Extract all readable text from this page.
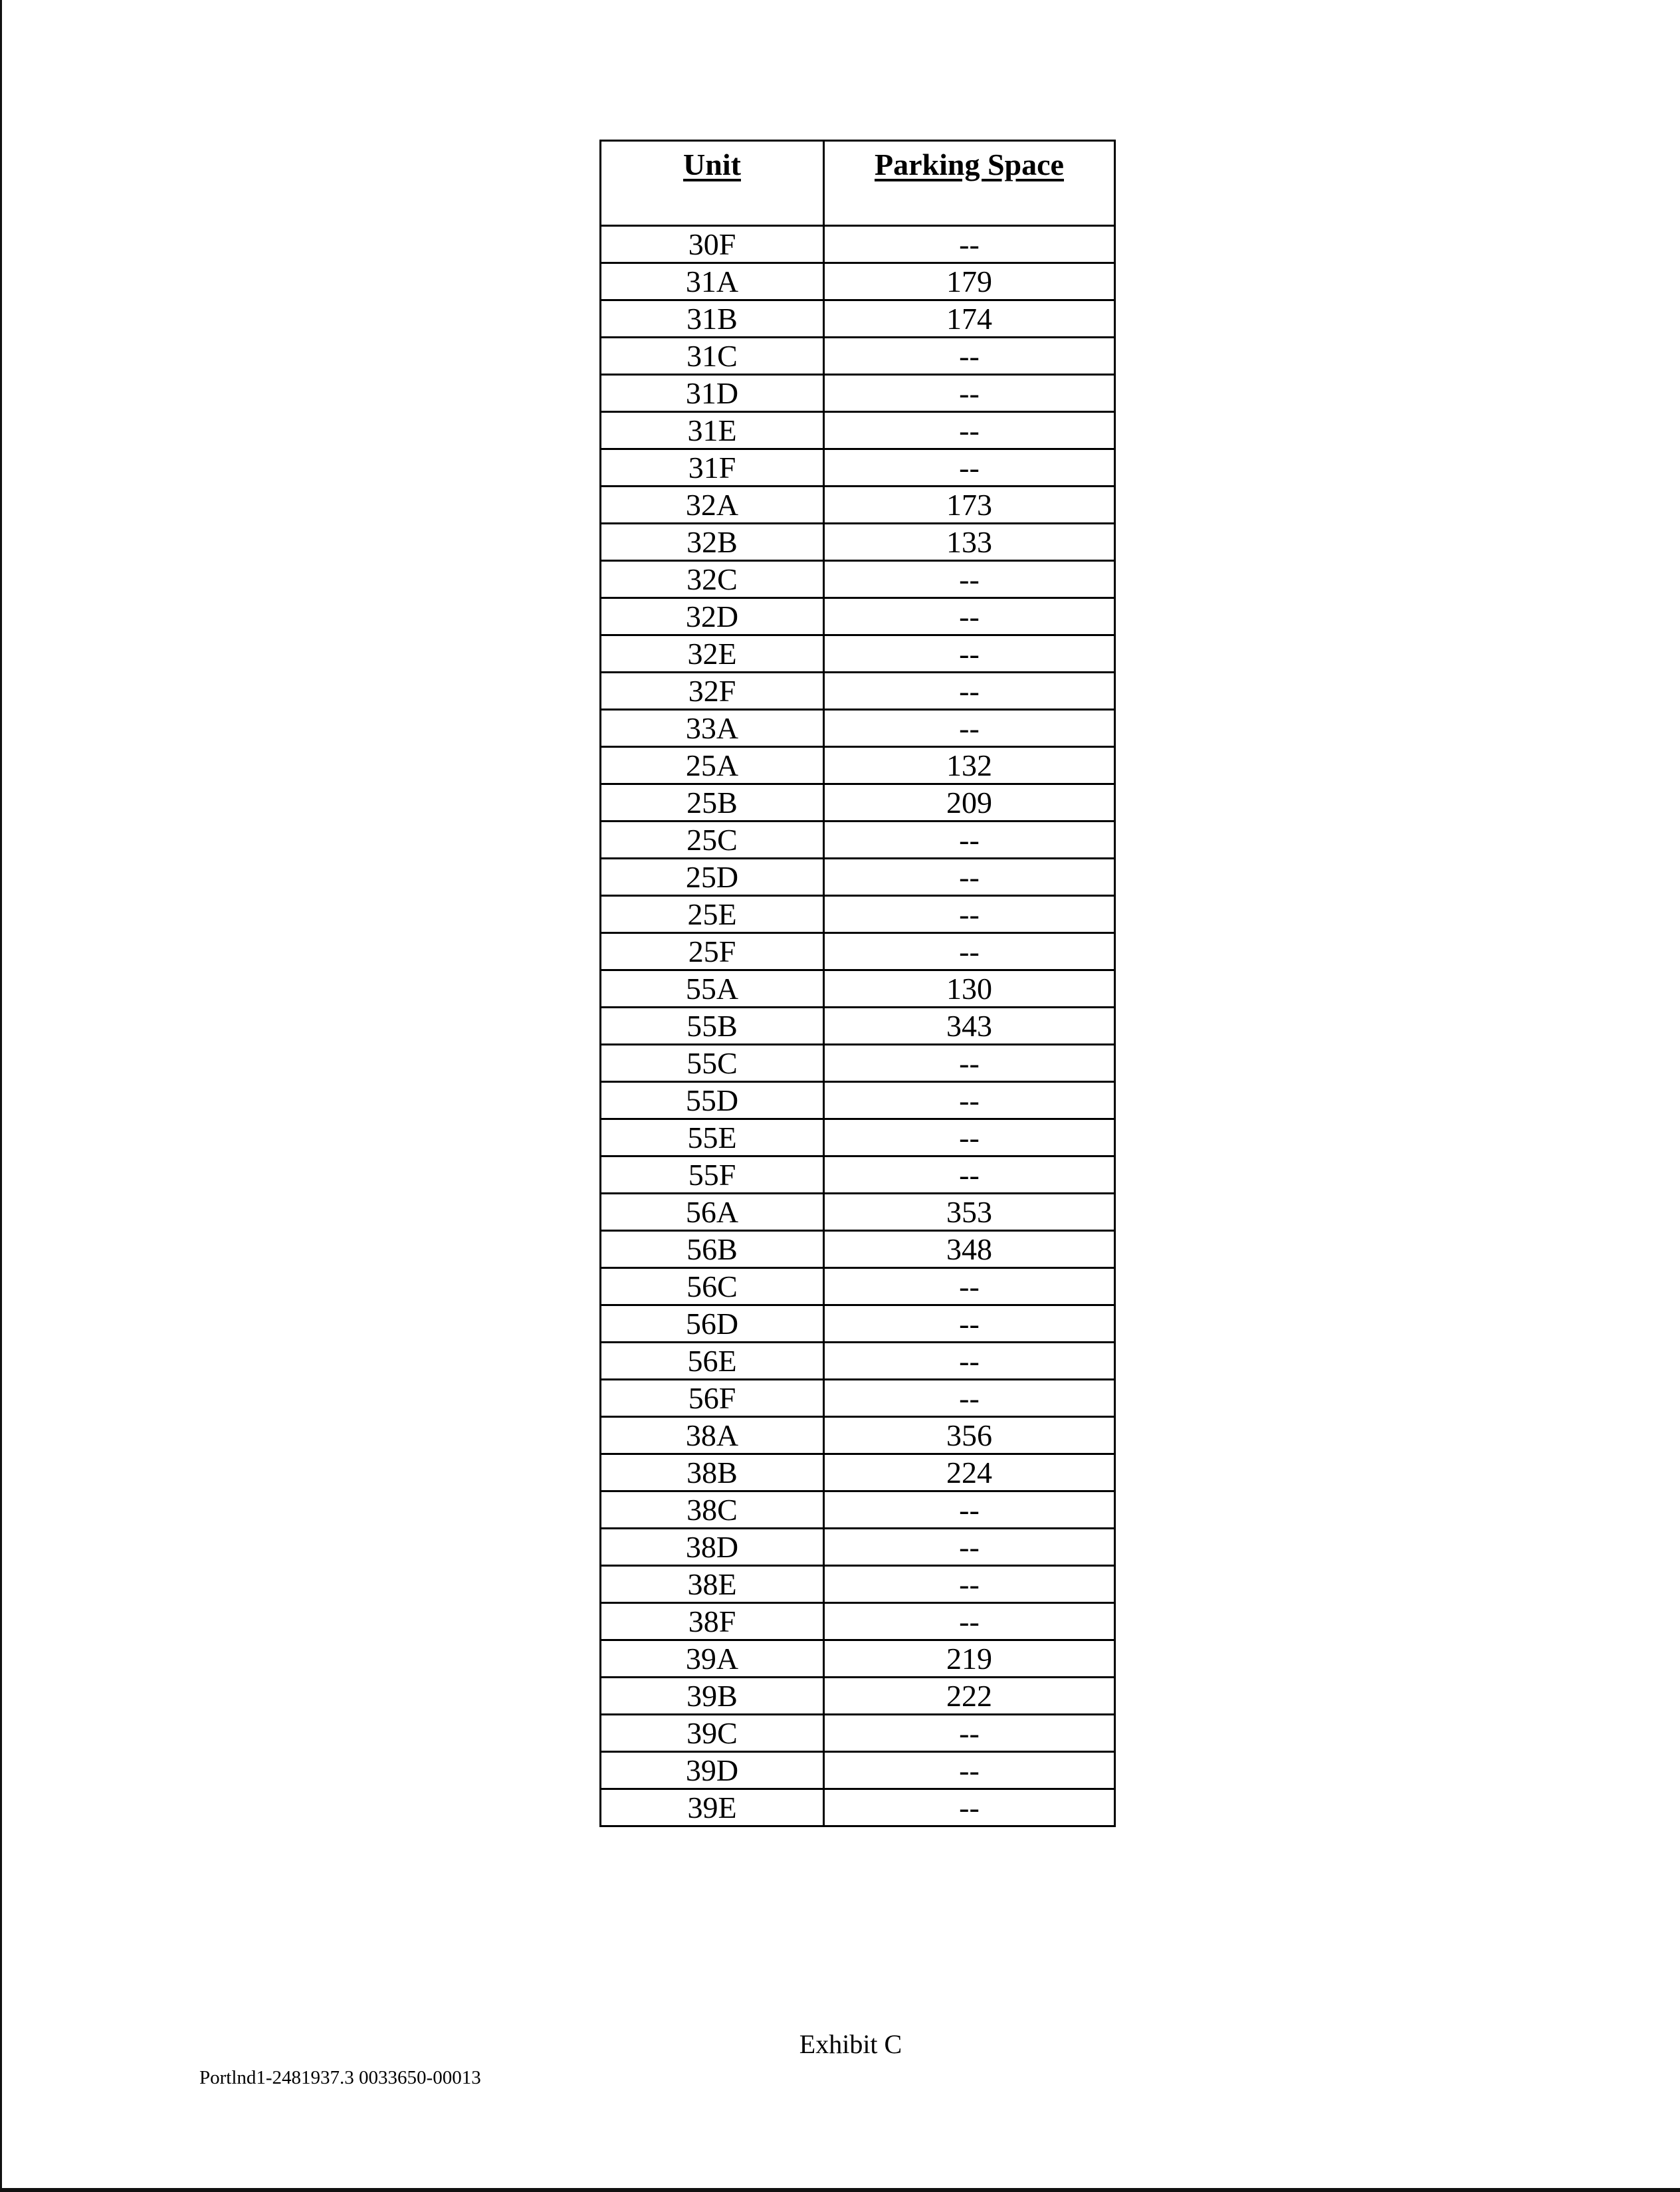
Unit	Parking Space
30F	--
31A	179
31B	174
31C	--
31D	--
31E	--
31F	--
32A	173
32B	133
32C	--
32D	--
32E	--
32F	--
33A	--
25A	132
25B	209
25C	--
25D	--
25E	--
25F	--
55A	130
55B	343
55C	--
55D	--
55E	--
55F	--
56A	353
56B	348
56C	--
56D	--
56E	--
56F	--
38A	356
38B	224
38C	--
38D	--
38E	--
38F	--
39A	219
39B	222
39C	--
39D	--
39E	--
Exhibit C
Portlnd1-2481937.3 0033650-00013
